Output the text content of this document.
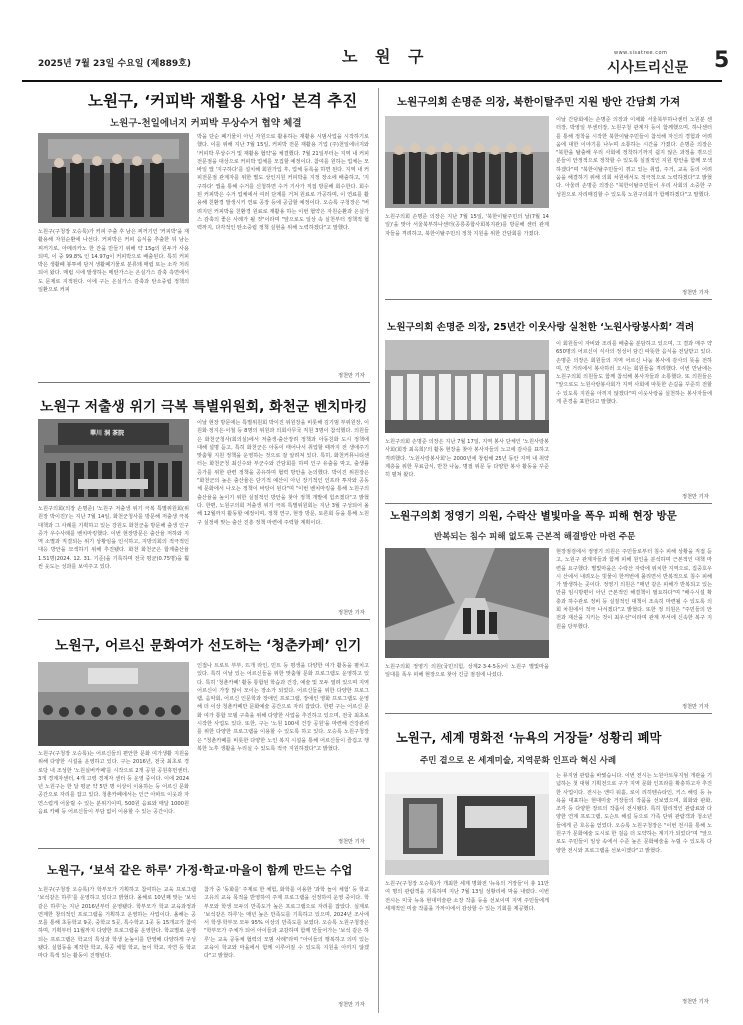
2025년 7월 23일 수요일 (제889호)	노 원 구	www.sisatree.com
시사트리신문 5
노원구, ‘커피박 재활용 사업’ 본격 추진
노원구-천일에너지 커피박 무상수거 협약 체결
노원구(구청장 오승록)가 커피 주출 후 남은 찌꺼기인 '커피박'을 재활용해 자원순환에 나선다. 커피박은 커피 음식을 추출한 뒤 남는 찌꺼기로, 아메리카노 한 잔을 만들기 위해 약 15g의 원두가 사용되며, 이 중 99.8% 인 14.97g이 커피박으로 배출된다. 특히 커피박은 생활폐 봉투에 담겨 생활폐기물로 분류돼 매립 또는 소각 처리되어 왔다. 매립 시에 발생하는 메탄가스는 온실가스 감축 측면에서도 문제로 지적된다. 이에 구는 온실가스 감축과 탄소중립 정책의 일환으로 커피
박을 단순 폐기물이 아닌 자원으로 활용하는 재활용 시범사업을 시작하기로 했다. 이를 위해 지난 7월 15일, 커피박 전문 재활용 기업 (주)천일에너지와 '커피박 무상수거 및 재활용 협약'을 체결했다. 7월 21일부터는 지역 내 커피전문점을 대상으로 커피박 업체를 모집할 예정이다. 참여를 원하는 업체는 모바일 앱 '지구하다'를 설치해 회원가입 후, 업체 등록을 하면 된다. 지역 내 커피전문점 관계자를 위한 별도 상인지원 커피박을 지정 장소에 배출하고, '지구하다' 앱을 통해 수거를 신청하면 수거 기사가 직접 방문해 회수한다. 회수된 커피박은 수거 업체에서 여러 단계를 거쳐 원료로 가공하며, 이 연료를 활용해 친환경 발생시키 연료 공장 등에 공급할 예정이다. 오승록 구청장은 "버려지던 커피박을 친환경 원료로 재활용 하는 이번 협약은 자원순환과 온실가스 감축의 좋은 사례가 될 것"이라며 "앞으로도 일상 속 실천부터 정책적 협력까지, 다각적인 탄소중립 정책 실현을 위해 노력하겠다"고 말했다.
정천만 기자
노원구 저출생 위기 극복 특별위원회, 화천군 벤치마킹
華川 洞 茶院
노원구의회(의장 손명준) '노원구 저출생 위기 극복 특별위원회(위원장 박이진)'는 지난 7월 14일, 화천군청사를 방문해 저출생 극복 대책과 그 사례를 기획하고 있는 강원도 화천군을 방문해 출생 인구 증가 우수사례를 벤치마킹했다. 이번 현장방문은 출산율 저하와 지역 소멸과 직결되는 위기 상황임을 인식하고, 지방의회의 적극적인 대응 방안을 모색하기 위해 추진됐다. 화천 화천군은 합계출산율 1.51명(2024. 12. 31. 기준)을 기록하며 전국 평균(0.75명)을 훨씬 웃도는 성과를 보여주고 있다.
이날 현장 방문에는 특별위원회 박이진 위원장을 비롯해 김기범 부위원장, 이원화·정지은·이철 등 8명의 위원과 의회사무국 직원 3명이 참석했다. 의원들은 화천군청사(회의실)에서 저출생·출산장려 정책과 아동친화 도시 정책에 대해 설명 듣고, 특히 화천군은 아동이 태어나서 취업할 때까지 전 생애주기 맞춤형 지원 정책을 운영하는 것으로 잘 알려져 있다. 특히, 화천커뮤니티센터는 화천군청 최신수와 부군수와 간담회를 하며 인구 유출을 막고, 출생률 증가를 위한 관련 정책을 공유하며 협력 방안을 논의했다. 박이진 위원장은 "화천군의 높은 출산율은 단기적 예산이 아닌 장기적인 인프라 투자와 공동체 문화에서 나오는 정책이 바탕이 된다"며 "이번 벤치마킹을 통해 노원구의 출산율을 높이기 위한 실질적인 방안을 찾아 정책 개발에 힘쓰겠다"고 밝혔다. 한편, 노원구의회 저출생 위기 극복 특별위원회는 지난 3월 구성되어 올해 12월까지 활동할 예정이며, 정책 연구, 현장 방문, 토론회 등을 통해 노원구 실정에 맞는 출산 진흥 정책 마련에 주력할 계획이다.
정천만 기자
노원구, 어르신 문화여가 선도하는 ‘청춘카페’ 인기
노원구(구청장 오승록)는 어르신들의 편안한 문화 여가생활 지원을 위해 다양한 시설을 운영하고 있다. 구는 2016년, 전국 최초로 경로당 내 조성한 '노원실버카페'를 시작으로 2개 공원 공원휴먼센터, 3개 경계자센터, 4개 고령 경계자 센터 등 운영 중이다. 이에 2024년 노원구는 한 달 평균 약 5만 명 이상이 이용하는 등 어르신 문화 공간으로 자리를 잡고 있다. 청춘카페에서는 인근 아파트 이웃과 자연스럽게 어울릴 수 있는 분위기이며, 500원 음료와 매달 1000원 음료 카페 등 어르신들이 부담 없이 이용할 수 있는 공간이다.
인접나 트로트 부부, 뜨개 라인, 민트 등 평생을 다양한 여가 활동을 펼치고 있다. 특히 이날 있는 어르신들을 위한 맞춤형 문화 프로그램도 운영하고 있다. 특히 '청춘카페' 활동 통합된 학습과 건강, 예술 및 모두 열려 있으며 지역 어르신이 가장 많이 모이는 장소가 되었다. 어르신들을 위한 다양한 프로그램, 음악회, 어르신 인문학과 장애인 프로그램, 장애인 영화 프로그램도 운영해 더 이상 청춘카페만 문화예술 공간으로 자리 잡았다. 한편 구는 어르신 문화 여가 통합 모델 구축을 위해 다양한 사업을 추진하고 있으며, 전국 최초로 시작한 사업도 있다. 또한, 구는 '노원 100세 건강 공원'을 마련해 건강관리를 위한 다양한 프로그램을 이용할 수 있도록 하고 있다. 오승록 노원구청장은 "청춘카페를 비롯한 다양한 노인 복지 시설을 통해 어르신들이 즐겁고 행복한 노후 생활을 누리실 수 있도록 적극 지원하겠다"고 밝혔다.
정천만 기자
노원구, ‘보석 같은 하루’ 가정·학교·마을이 함께 만드는 수업
노원구(구청장 오승록)가 학부모가 기획하고 참여하는 교육 프로그램 '보석같은 하루'를 운영하고 있다고 밝혔다. 올해로 10년째 맞는 '보석같은 하루'는 지난 2016년부터 운영됐다. 학부모가 학교 교육과정과 연계한 창의적인 프로그램을 기획하고 운영하는 사업이다. 올해는 공모를 통해 초등학교 9곳, 중학교 5곳, 특수학교 1곳 등 15개교가 참여하며, 기획부터 11월까지 다양한 프로그램을 운영한다. 학교별로 운영되는 프로그램은 학교의 특성과 학생 눈높이를 반영해 다양하게 구성됐다. 실험동을 제작한 학교, 목공 체험 학교, 놀이 학교, 자연 등 학교마다 특색 있는 활동이 진행된다.
참가 중 '동화를' 주제로 한 체험, 화학를 이용한 '과학 놀이 체험' 등 학교 고유의 교육 목적을 반영하여 주제 프로그램을 선정하여 운영 중이다. 학부모와 학생 모두의 만족도가 높은 프로그램으로 자리를 잡았다. 실제로 '보석같은 하루'는 매년 높은 만족도를 기록하고 있으며, 2024년 조사에서 학생·학부모 모두 95% 이상의 만족도를 보였다. 오승록 노원구청장은 "학부모가 주체가 되어 아이들과 교감하며 함께 만들어가는 '보석 같은 하루'는 교육 공동체 협력의 모범 사례"라며 "아이들의 행복하고 의미 있는 교육이 학교와 마을에서 함께 이루어질 수 있도록 지원을 아끼지 않겠다"고 밝혔다.
정천만 기자
노원구의회 손명준 의장, 북한이탈주민 지원 방안 간담회 가져
노원구의회 손명준 의장은 지난 7월 15일, '북한이탈주민의 날(7월 14일)'을 맞아 서울북부하나센터(공릉종합사회복지관)를 방문해 센터 관계자들을 격려하고, 북한이탈주민의 정착 지원을 위한 간담회를 가졌다.
이날 간담회에는 손명준 의장과 이채화 서울북부하나센터 노원분 센터장, 박영일 부센터장, 노원구청 관계자 등이 함께했으며, 하나센터를 통해 정착을 시작한 북한이탈주민들이 참석해 자신의 경험과 어려움에 대한 이야기를 나누며 소통하는 시간을 가졌다. 손명준 의장은 "북한을 탈출해 우리 사회에 정착하기까지 쉽지 않은 과정을 겪으신 분들이 안정적으로 정착할 수 있도록 실질적인 지원 방안을 함께 모색하겠다"며 "북한이탈주민들이 겪고 있는 취업, 주거, 교육 등의 어려움을 해결하기 위해 의회 차원에서도 적극적으로 노력하겠다"고 밝혔다. 아울러 손명준 의장은 "북한이탈주민들이 우리 사회의 소중한 구성원으로 자리매김할 수 있도록 노원구의회가 함께하겠다"고 말했다.
정천만 기자
노원구의회 손명준 의장, 25년간 이웃사랑 실천한 ‘노원사랑봉사회’ 격려
노원구의회 손명준 의장은 지난 7월 17일, 지역 봉사 단체인 '노원사랑봉사회(회장 최옥희)'의 활동 현장을 찾아 봉사자들의 노고에 감사를 표하고 격려했다. '노원사랑봉사회'는 2000년에 창립해 25년 동안 지역 내 취약계층을 위한 무료급식, 반찬 나눔, 명절 위문 등 다양한 봉사 활동을 꾸준히 펼쳐 왔다.
이 회원들이 자비와 조리를 배출을 분담하고 있으며, 그 결과 매주 약 650명의 어르신이 식사의 정성이 담긴 따뜻한 음식을 전달받고 있다. 손명준 의장은 회원들의 지역 어르신 나눔 봉사에 감사의 뜻을 전하며, 먼 거리에서 봉사하러 오시는 회원들을 격려했다. 이번 만남에는 노원구의회 의원들도 함께 참석해 봉사자들과 소통했다. 또 의원들은 "앞으로도 노원사랑봉사회가 지역 사회에 따뜻한 손길을 꾸준히 전할 수 있도록 지원을 아끼지 않겠다"며 이웃사랑을 실천하는 봉사자들에게 존경을 표한다고 말했다.
정천만 기자
노원구의회 정영기 의원, 수락산 별빛마을 폭우 피해 현장 방문
반복되는 침수 피해 없도록 근본적 해결방안 마련 주문
노원구의회 정영기 의원(국민의힘, 상계2·3·4·5동)이 노원구 별빛마을 일대를 폭우 피해 현장으로 찾아 긴급 점검에 나섰다.
현장점검에서 정영기 의원은 주민들로부터 침수 피해 상황을 직접 듣고, 노원구 관계자들과 함께 피해 원인을 분석하며 근본적인 대책 마련을 요구했다. 별빛마을은 수락산 자락에 위치한 지역으로, 집중호우 시 산에서 내려오는 빗물이 한꺼번에 몰리면서 반복적으로 침수 피해가 발생하는 곳이다. 정영기 의원은 "매년 같은 피해가 반복되고 있는 만큼 임시방편이 아닌 근본적인 해결책이 필요하다"며 "배수시설 확충과 하수관로 정비 등 실질적인 대책이 조속히 마련될 수 있도록 의회 차원에서 적극 나서겠다"고 밝혔다. 또한 정 의원은 "주민들의 안전과 재산을 지키는 것이 최우선"이라며 관계 부서에 신속한 복구 지원을 당부했다.
정천만 기자
노원구, 세계 명화전 ‘뉴욕의 거장들’ 성황리 폐막
주민 곁으로 온 세계미술, 지역문화 인프라 혁신 사례
노원구(구청장 오승록)가 개최한 세계 명화전 '뉴욕의 거장들'이 총 11만여 명의 관람객을 기록하며 지난 7월 13일 성황리에 막을 내렸다. 이번 전시는 미국 뉴욕 현대미술관 소장 작품 등을 선보이며 지역 주민들에게 세계적인 미술 작품을 가까이에서 감상할 수 있는 기회를 제공했다.
는 뮤지엄 관람을 바꿨습니다. 이번 전시는 노원아트뮤지엄 개관을 기념하는 첫 대형 기획전으로 구가 지역 문화 인프라를 확충하고자 추진한 사업이다. 전시는 앤디 워홀, 로이 리히텐슈타인, 키스 해링 등 뉴욕을 대표하는 현대미술 거장들의 작품을 선보였으며, 회화와 판화, 조각 등 다양한 장르의 작품이 전시됐다. 특히 합리적인 관람료와 다양한 연계 프로그램, 도슨트 해설 등으로 가족 단위 관람객과 청소년들에게 큰 호응을 얻었다. 오승록 노원구청장은 "이번 전시를 통해 노원구가 문화예술 도시로 한 걸음 더 도약하는 계기가 되었다"며 "앞으로도 주민들이 일상 속에서 수준 높은 문화예술을 누릴 수 있도록 다양한 전시와 프로그램을 선보이겠다"고 밝혔다.
정천만 기자
